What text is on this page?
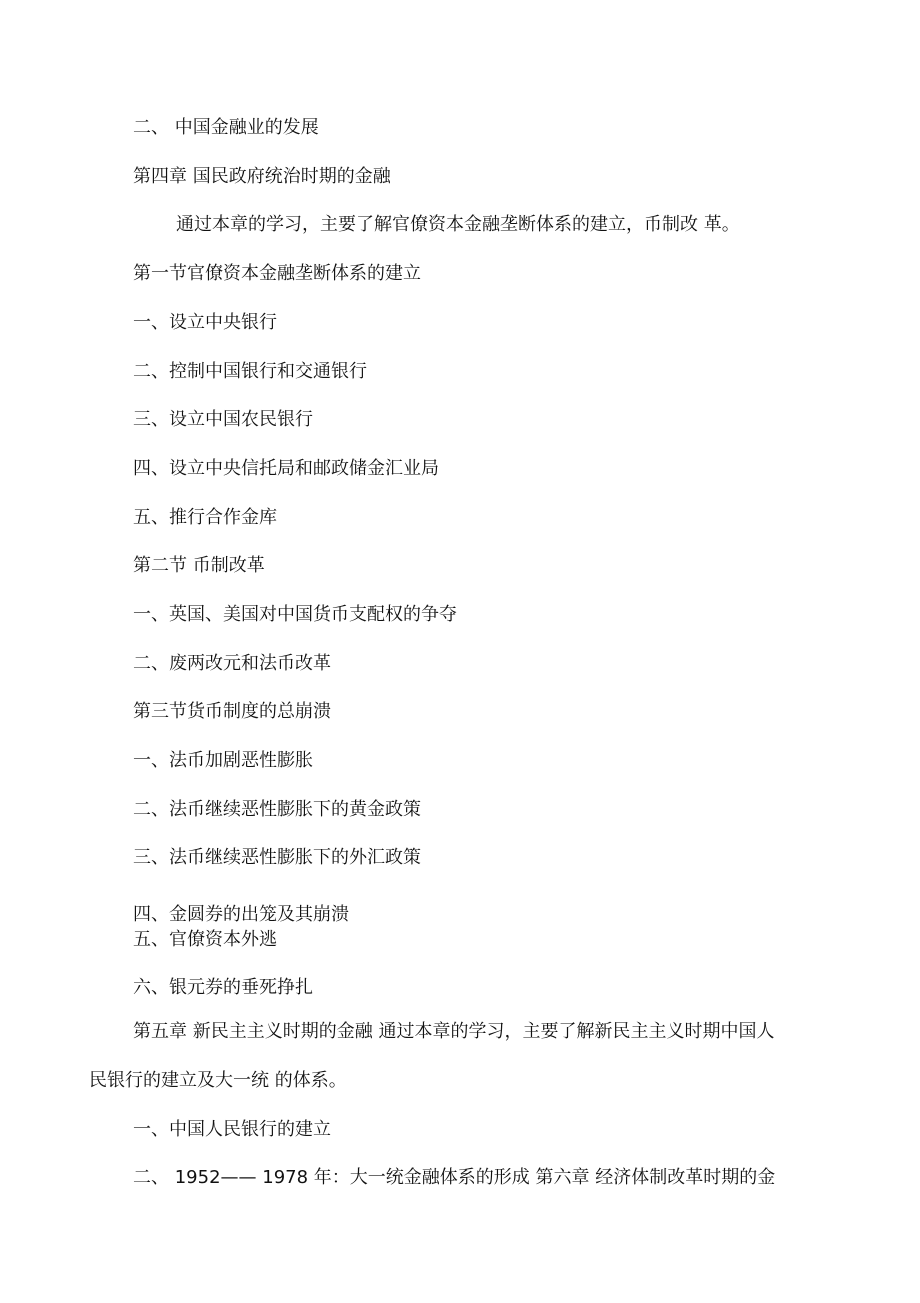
二、 中国金融业的发展
第四章 国民政府统治时期的金融
通过本章的学习，主要了解官僚资本金融垄断体系的建立，币制改 革。
第一节官僚资本金融垄断体系的建立
一、设立中央银行
二、控制中国银行和交通银行
三、设立中国农民银行
四、设立中央信托局和邮政储金汇业局
五、推行合作金库
第二节 币制改革
一、英国、美国对中国货币支配权的争夺
二、废两改元和法币改革
第三节货币制度的总崩溃
一、法币加剧恶性膨胀
二、法币继续恶性膨胀下的黄金政策
三、法币继续恶性膨胀下的外汇政策
四、金圆券的出笼及其崩溃
五、官僚资本外逃
六、银元券的垂死挣扎
第五章 新民主主义时期的金融 通过本章的学习，主要了解新民主主义时期中国人
民银行的建立及大一统 的体系。
一、中国人民银行的建立
二、 1952—— 1978 年：大一统金融体系的形成 第六章 经济体制改革时期的金
